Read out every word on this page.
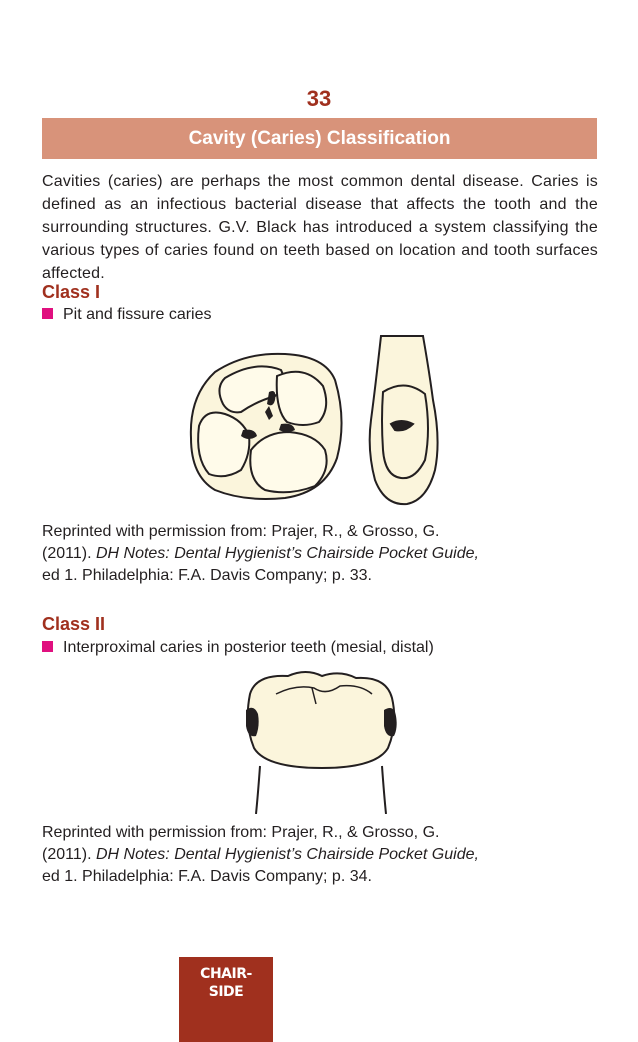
33
Cavity (Caries) Classification
Cavities (caries) are perhaps the most common dental disease. Caries is defined as an infectious bacterial disease that affects the tooth and the surrounding structures. G.V. Black has introduced a system classifying the various types of caries found on teeth based on location and tooth surfaces affected.
Class I
Pit and fissure caries
Reprinted with permission from: Prajer, R., & Grosso, G.
(2011). DH Notes: Dental Hygienist’s Chairside Pocket Guide,
ed 1. Philadelphia: F.A. Davis Company; p. 33.
Class II
Interproximal caries in posterior teeth (mesial, distal)
Reprinted with permission from: Prajer, R., & Grosso, G.
(2011). DH Notes: Dental Hygienist’s Chairside Pocket Guide,
ed 1. Philadelphia: F.A. Davis Company; p. 34.
CHAIR-
SIDE
